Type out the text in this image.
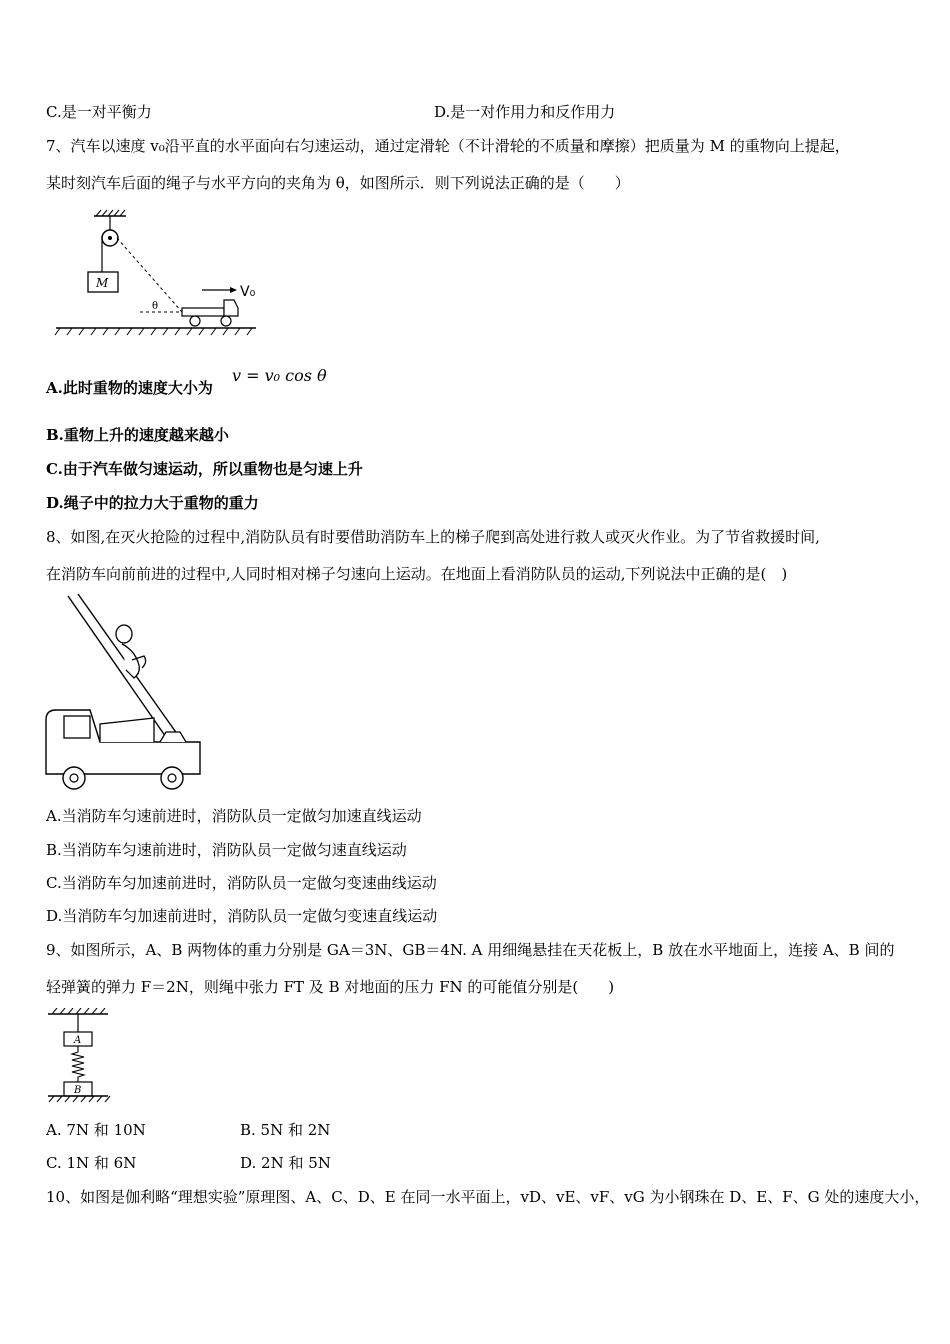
C.是一对平衡力	D.是一对作用力和反作用力
7、汽车以速度 v₀沿平直的水平面向右匀速运动，通过定滑轮（不计滑轮的不质量和摩擦）把质量为 M 的重物向上提起，
某时刻汽车后面的绳子与水平方向的夹角为 θ，如图所示．则下列说法正确的是（　　）
M
θ
V₀
A.此时重物的速度大小为
v = v₀ cos θ
B.重物上升的速度越来越小
C.由于汽车做匀速运动，所以重物也是匀速上升
D.绳子中的拉力大于重物的重力
8、如图,在灭火抢险的过程中,消防队员有时要借助消防车上的梯子爬到高处进行救人或灭火作业。为了节省救援时间,
在消防车向前前进的过程中,人同时相对梯子匀速向上运动。在地面上看消防队员的运动,下列说法中正确的是(　)
A.当消防车匀速前进时，消防队员一定做匀加速直线运动
B.当消防车匀速前进时，消防队员一定做匀速直线运动
C.当消防车匀加速前进时，消防队员一定做匀变速曲线运动
D.当消防车匀加速前进时，消防队员一定做匀变速直线运动
9、如图所示，A、B 两物体的重力分别是 GA＝3N、GB＝4N. A 用细绳悬挂在天花板上，B 放在水平地面上，连接 A、B 间的
轻弹簧的弹力 F＝2N，则绳中张力 FT 及 B 对地面的压力 FN 的可能值分别是(　　)
A
B
A. 7N 和 10N	B. 5N 和 2N
C. 1N 和 6N	D. 2N 和 5N
10、如图是伽利略“理想实验”原理图、A、C、D、E 在同一水平面上，vD、vE、vF、vG 为小钢珠在 D、E、F、G 处的速度大小，
